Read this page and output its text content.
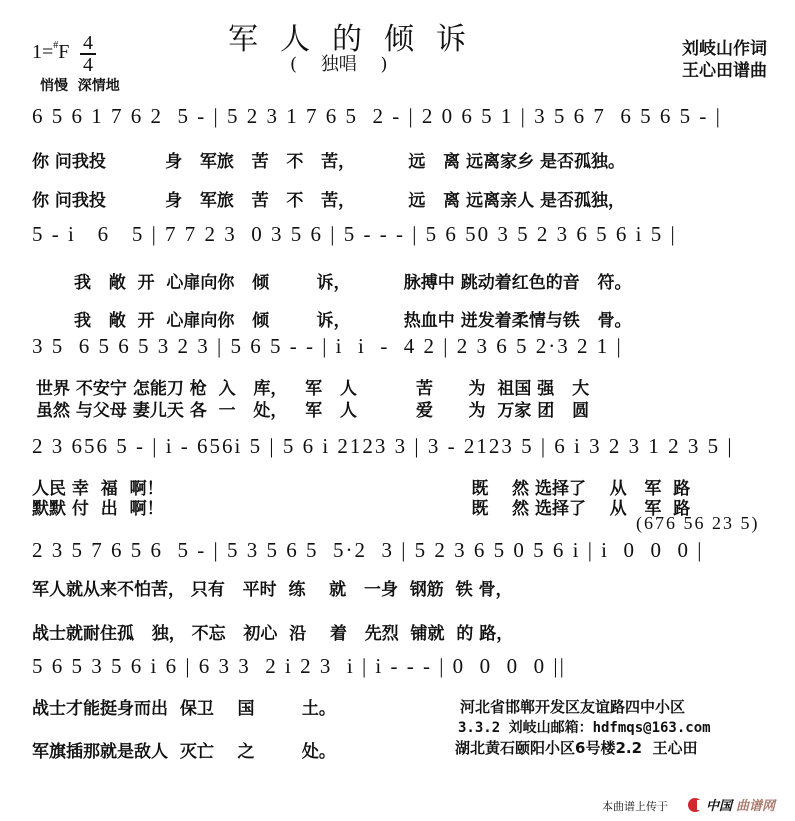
军人的倾诉
( 独唱 )
刘岐山作词
王心田谱曲
1=#F 4
4
悄慢  深情地
6 5 6 1 7 6 2  5 - | 5 2 3 1 7 6 5  2 - | 2 0 6 5 1 | 3 5 6 7  6 5 6 5 - |
你 问我投          身   军旅   苦   不   苦，         远   离 远离家乡 是否孤独。
你 问我投          身   军旅   苦   不   苦，         远   离 远离亲人 是否孤独，
5 - i   6   5 | 7 7 2 3  0 3 5 6 | 5 - - - | 5 6 50 3 5 2 3 6 5 6 i 5 |
我   敞  开  心扉向你   倾        诉，         脉搏中 跳动着红色的音   符。
我   敞  开  心扉向你   倾        诉，         热血中 迸发着柔情与铁   骨。
3 5  6 5 6 5 3 2 3 | 5 6 5 - - | i  i  -  4 2 | 2 3 6 5 2·3 2 1 |
世界 不安宁 怎能刀 枪  入   库，   军   人          苦      为  祖国 强   大
虽然 与父母 妻儿天 各  一   处，   军   人          爱      为  万家 团   圆
2 3 656 5 - | i - 656i 5 | 5 6 i 2123 3 | 3 - 2123 5 | 6 i 3 2 3 1 2 3 5 |
人民 幸  福  啊！                                                    既    然 选择了    从   军  路
默默 付  出  啊！                                                    既    然 选择了    从   军  路
(676 56 23 5)
2 3 5 7 6 5 6  5 - | 5 3 5 6 5  5·2  3 | 5 2 3 6 5 0 5 6 i | i  0  0  0 |
军人就从来不怕苦， 只有   平时  练    就   一身  钢筋  铁 骨，
战士就耐住孤   独， 不忘   初心  沿    着   先烈  铺就  的 路，
5 6 5 3 5 6 i 6 | 6 3 3  2 i 2 3  i | i - - - | 0  0  0  0 ||
战士才能挺身而出  保卫    国        土。
军旗插那就是敌人  灭亡    之        处。
河北省邯郸开发区友谊路四中小区
3.3.2 刘岐山邮箱：hdfmqs@163.com
湖北黄石颐阳小区6号楼2.2  王心田
本曲谱上传于	中国 曲谱网
